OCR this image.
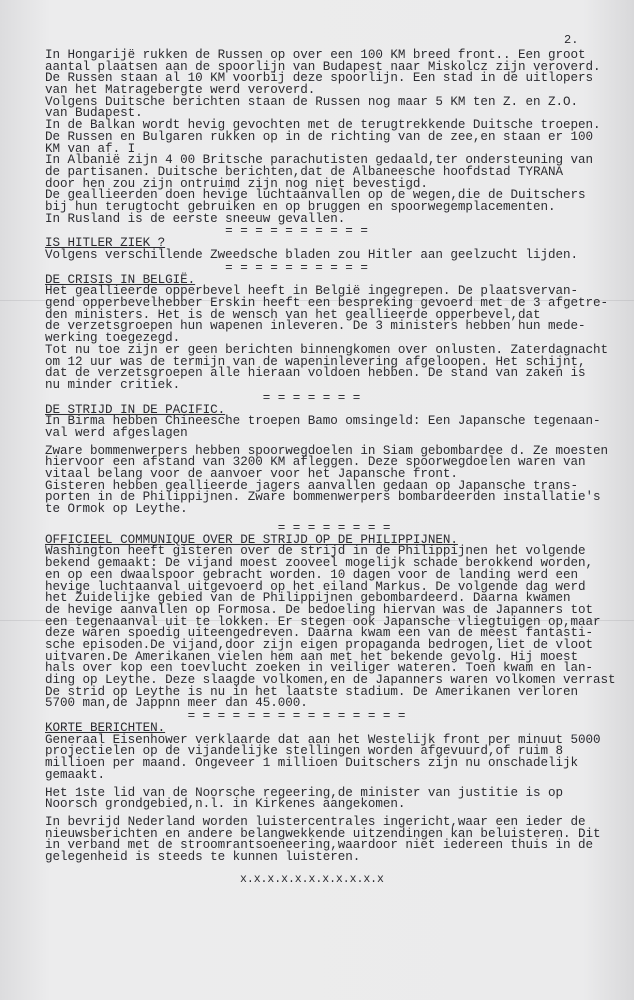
2.
In Hongarijë rukken de Russen op over een 100 KM breed front.. Een groot
aantal plaatsen aan de spoorlijn van Budapest naar Miskolcz zijn veroverd.
De Russen staan al 10 KM voorbij deze spoorlijn. Een stad in de uitlopers
van het Matragebergte werd veroverd.
Volgens Duitsche berichten staan de Russen nog maar 5 KM ten Z. en Z.O.
van Budapest.
In de Balkan wordt hevig gevochten met de terugtrekkende Duitsche troepen.
De Russen en Bulgaren rukken op in de richting van de zee,en staan er 100
KM van af. I
In Albanië zijn 4 00 Britsche parachutisten gedaald,ter ondersteuning van
de partisanen. Duitsche berichten,dat de Albaneesche hoofdstad TYRANA
door hen zou zijn ontruimd zijn nog niet bevestigd.
De geallieerden doen hevige luchtaanvallen op de wegen,die de Duitschers
bij hun terugtocht gebruiken en op bruggen en spoorwegemplacementen.
In Rusland is de eerste sneeuw gevallen.
= = = = = = = = = =
IS HITLER ZIEK ?
Volgens verschillende Zweedsche bladen zou Hitler aan geelzucht lijden.
= = = = = = = = = =
DE CRISIS IN BELGIË.
Het geallieerde opperbevel heeft in België ingegrepen. De plaatsvervan-
gend opperbevelhebber Erskin heeft een bespreking gevoerd met de 3 afgetre-
den ministers. Het is de wensch van het geallieerde opperbevel,dat
de verzetsgroepen hun wapenen inleveren. De 3 ministers hebben hun mede-
werking toegezegd.
Tot nu toe zijn er geen berichten binnengkomen over onlusten. Zaterdagnacht
om 12 uur was de termijn van de wapeninlevering afgeloopen. Het schijnt,
dat de verzetsgroepen alle hieraan voldoen hebben. De stand van zaken is
nu minder critiek.
= = = = = = =
DE STRIJD IN DE PACIFIC.
In Birma hebben Chineesche troepen Bamo omsingeld: Een Japansche tegenaan-
val werd afgeslagen
Zware bommenwerpers hebben spoorwegdoelen in Siam gebombardee d. Ze moesten
hiervoor een afstand van 3200 KM afleggen. Deze spoorwegdoelen waren van
vitaal belang voor de aanvoer voor het Japansche front.
Gisteren hebben geallieerde jagers aanvallen gedaan op Japansche trans-
porten in de Philippijnen. Zware bommenwerpers bombardeerden installatie's
te Ormok op Leythe.
= = = = = = = =
OFFICIEEL COMMUNIQUE OVER DE STRIJD OP DE PHILIPPIJNEN.
Washington heeft gisteren over de strijd in de Philippijnen het volgende
bekend gemaakt: De vijand moest zooveel mogelijk schade berokkend worden,
en op een dwaalspoor gebracht worden. 10 dagen voor de landing werd een
hevige luchtaanval uitgevoerd op het eiland Markus. De volgende dag werd
het Zuidelijke gebied van de Philippijnen gebombardeerd. Daarna kwamen
de hevige aanvallen op Formosa. De bedoeling hiervan was de Japanners tot
een tegenaanval uit te lokken. Er stegen ook Japansche vliegtuigen op,maar
deze waren spoedig uiteengedreven. Daarna kwam een van de meest fantasti-
sche episoden.De vijand,door zijn eigen propaganda bedrogen,liet de vloot
uitvaren.De Amerikanen vielen hem aan met het bekende gevolg. Hij moest
hals over kop een toevlucht zoeken in veiliger wateren. Toen kwam en lan-
ding op Leythe. Deze slaagde volkomen,en de Japanners waren volkomen verrast
De strid op Leythe is nu in het laatste stadium. De Amerikanen verloren
5700 man,de Jappnn meer dan 45.000.
= = = = = = = = = = = = = = =
KORTE BERICHTEN.
Generaal Eisenhower verklaarde dat aan het Westelijk front per minuut 5000
projectielen op de vijandelijke stellingen worden afgevuurd,of ruim 8
millioen per maand. Ongeveer 1 millioen Duitschers zijn nu onschadelijk
gemaakt.
Het 1ste lid van de Noorsche regeering,de minister van justitie is op
Noorsch grondgebied,n.l. in Kirkenes aangekomen.
In bevrijd Nederland worden luistercentrales ingericht,waar een ieder de
nieuwsberichten en andere belangwekkende uitzendingen kan beluisteren. Dit
in verband met de stroomrantsoeneering,waardoor niet iedereen thuis in de
gelegenheid is steeds te kunnen luisteren.
x.x.x.x.x.x.x.x.x.x.x
